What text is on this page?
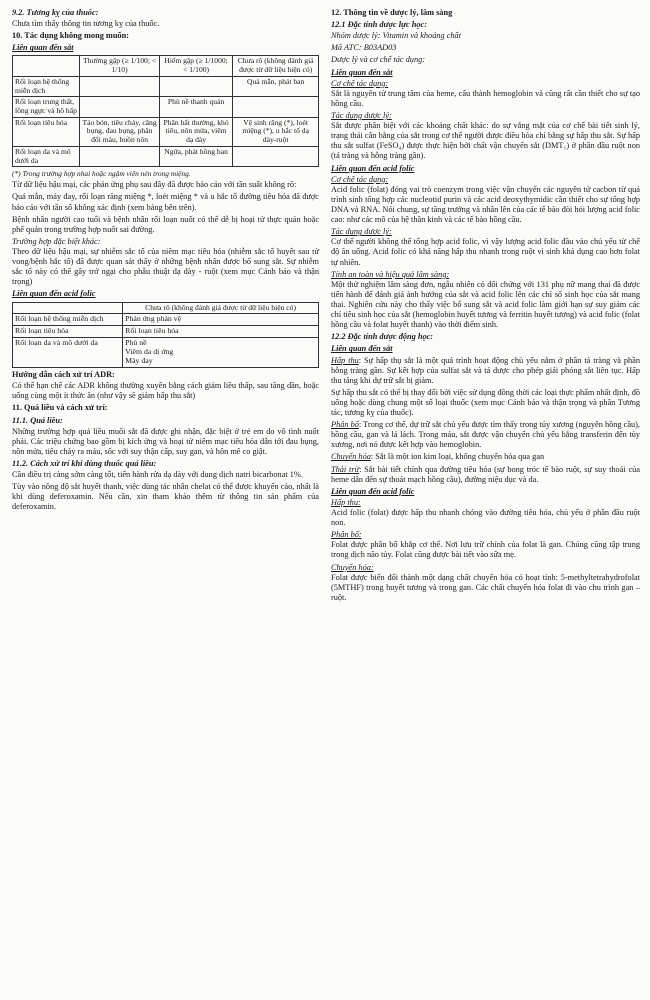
9.2. Tương kỵ của thuốc:

Chưa tìm thấy thông tin tương kỵ của thuốc.

10. Tác dụng không mong muốn:
Liên quan đến sắt
	Thường gặp (≥ 1/100; < 1/10)	Hiếm gặp (≥ 1/1000; < 1/100)	Chưa rõ (không đánh giá được từ dữ liệu hiện có)
Rối loạn hệ thống miễn dịch			Quá mẫn, phát ban
Rối loạn trung thất, lồng ngực và hô hấp		Phù nề thanh quản	
Rối loạn tiêu hóa	Táo bón, tiêu chảy, căng bụng, đau bụng, phân đổi màu, buồn nôn	Phân bất thường, khó tiêu, nôn mửa, viêm dạ dày	Vệ sinh răng (*), loét miệng (*), u hắc tố dạ dày-ruột
Rối loạn da và mô dưới da		Ngứa, phát hồng ban	
(*) Trong trường hợp nhai hoặc ngậm viên nén trong miệng.

Từ dữ liệu hậu mại, các phản ứng phụ sau đây đã được báo cáo với tần suất không rõ:

Quá mẫn, máy đay, rối loạn răng miệng *, loét miệng * và u hắc tố đường tiêu hóa đã được báo cáo với tần số không xác định (xem bảng bên trên).

Bệnh nhân người cao tuổi và bệnh nhân rối loạn nuốt có thể dễ bị hoại tử thực quản hoặc phế quản trong trường hợp nuốt sai đường.

Trường hợp đặc biệt khác:

Theo dữ liệu hậu mại, sự nhiễm sắc tố của niêm mạc tiêu hóa (nhiễm sắc tố huyết sau tử vong/bệnh hắc tố) đã được quan sát thấy ở những bệnh nhân được bổ sung sắt. Sự nhiễm sắc tố này có thể gây trở ngại cho phẫu thuật dạ dày - ruột (xem mục Cảnh báo và thận trọng)

Liên quan đến acid folic
	Chưa rõ (không đánh giá được từ dữ liệu hiện có)
Rối loạn hệ thống miễn dịch	Phản ứng phản vệ
Rối loạn tiêu hóa	Rối loạn tiêu hóa
Rối loạn da và mô dưới da	Phù nề
Viêm da dị ứng
Mày đay
Hướng dẫn cách xử trí ADR:

Có thể hạn chế các ADR không thường xuyên bằng cách giảm liều thấp, sau tăng dần, hoặc uống cùng một ít thức ăn (như vậy sẽ giảm hấp thu sắt)

11. Quá liều và cách xử trí:
11.1. Quá liều:

Những trường hợp quá liều muối sắt đã được ghi nhận, đặc biệt ở trẻ em do vô tình nuốt phải. Các triệu chứng bao gồm bị kích ứng và hoại tử niêm mạc tiêu hóa dẫn tới đau bụng, nôn mửa, tiêu chảy ra máu, sốc với suy thận cấp, suy gan, và hôn mê co giật.

11.2. Cách xử trí khi dùng thuốc quá liều:

Cần điều trị càng sớm càng tốt, tiến hành rửa dạ dày với dung dịch natri bicarbonat 1%.

Tùy vào nồng độ sắt huyết thanh, việc dùng tác nhân chelat có thể được khuyến cáo, nhất là khi dùng deferoxamin. Nếu cần, xin tham khảo thêm từ thông tin sản phẩm của deferoxamin.

12. Thông tin về dược lý, lâm sàng
12.1 Đặc tính dược lực học:

Nhóm dược lý: Vitamin và khoáng chất

Mã ATC: B03AD03

Dược lý và cơ chế tác dụng:

Liên quan đến sắt
Cơ chế tác dụng:

Sắt là nguyên tử trung tâm của heme, cấu thành hemoglobin và cũng rất cần thiết cho sự tạo hồng cầu.

Tác dụng dược lý:

Sắt được phân biệt với các khoáng chất khác: do sự vắng mặt của cơ chế bài tiết sinh lý, trạng thái cân bằng của sắt trong cơ thể người được điều hòa chỉ bằng sự hấp thu sắt. Sự hấp thu sắt sulfat (FeSO₄) được thực hiện bởi chất vận chuyển sắt (DMT₁) ở phần đầu ruột non (tá tràng và hỗng tràng gần).

Liên quan đến acid folic
Cơ chế tác dụng:

Acid folic (folat) đóng vai trò coenzym trong việc vận chuyển các nguyên tử cacbon từ quá trình sinh tổng hợp các nucleotid purin và các acid deoxythymidic cần thiết cho sự tổng hợp DNA và RNA. Nói chung, sự tăng trưởng và nhân lên của các tế bào đòi hỏi lượng acid folic cao: như các mô của hệ thần kinh và các tế bào hồng cầu.

Tác dụng dược lý:

Cơ thể người không thể tổng hợp acid folic, vì vậy lượng acid folic đầu vào chủ yếu từ chế độ ăn uống. Acid folic có khả năng hấp thu nhanh trong ruột vì sinh khả dụng cao hơn folat tự nhiên.

Tính an toàn và hiệu quả lâm sàng:

Một thử nghiệm lâm sàng đơn, ngẫu nhiên có đối chứng với 131 phụ nữ mang thai đã được tiến hành để đánh giá ảnh hưởng của sắt và acid folic lên các chỉ số sinh học của sắt mang thai. Nghiên cứu này cho thấy việc bổ sung sắt và acid folic làm giới hạn sự suy giảm các chỉ tiêu sinh học của sắt (hemoglobin huyết tương và ferritin huyết tương) và acid folic (folat hồng cầu và folat huyết thanh) vào thời điểm sinh.

12.2 Đặc tính dược động học:
Liên quan đến sắt

Hấp thu: Sự hấp thụ sắt là một quá trình hoạt động chủ yếu nằm ở phần tá tràng và phần hỗng tràng gần. Sự kết hợp của sulfat sắt và tá dược cho phép giải phóng sắt liên tục. Hấp thu tăng khi dự trữ sắt bị giảm.

Sự hấp thu sắt có thể bị thay đổi bởi việc sử dụng đồng thời các loại thực phẩm nhất định, đồ uống hoặc dùng chung một số loại thuốc (xem mục Cảnh báo và thận trọng và phần Tương tác, tương kỵ của thuốc).

Phân bố: Trong cơ thể, dự trữ sắt chủ yếu được tìm thấy trong tủy xương (nguyên hồng cầu), hồng cầu, gan và lá lách. Trong máu, sắt được vận chuyển chủ yếu bằng transferin đến tủy xương, nơi nó được kết hợp vào hemoglobin.

Chuyển hóa: Sắt là một ion kim loại, không chuyển hóa qua gan

Thải trừ: Sắt bài tiết chính qua đường tiêu hóa (sự bong tróc tế bào ruột, sự suy thoái của heme dẫn đến sự thoát mạch hồng cầu), đường niệu dục và da.

Liên quan đến acid folic
Hấp thu:

Acid folic (folat) được hấp thu nhanh chóng vào đường tiêu hóa, chủ yếu ở phần đầu ruột non.

Phân bố:

Folat được phân bố khắp cơ thể. Nơi lưu trữ chính của folat là gan. Chúng cũng tập trung trong dịch não tủy. Folat cũng được bài tiết vào sữa mẹ.

Chuyển hóa:

Folat được biến đổi thành một dạng chất chuyển hóa có hoạt tính: 5-methyltetrahydrofolat (5MTHF) trong huyết tương và trong gan. Các chất chuyển hóa folat đi vào chu trình gan – ruột.
